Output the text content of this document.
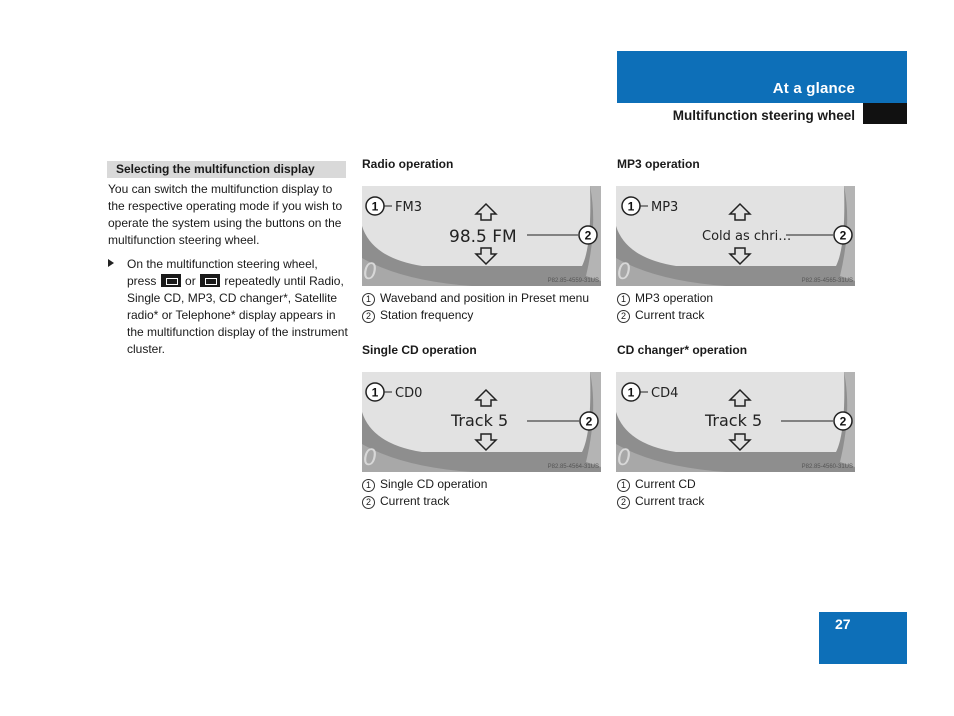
At a glance
Multifunction steering wheel
Selecting the multifunction display
You can switch the multifunction display to the respective operating mode if you wish to operate the system using the buttons on the multifunction steering wheel.
On the multifunction steering wheel, press or repeatedly until Radio, Single CD, MP3, CD changer*, Satellite radio* or Telephone* display appears in the multifunction display of the instrument cluster.
Radio operation
0
1 FM3
98.5 FM	2
P82.85-4559-31US
1 Waveband and position in Preset menu
2 Station frequency
MP3 operation
0
1 MP3
Cold as chri…	2
P82.85-4565-31US
1 MP3 operation
2 Current track
Single CD operation
0
1 CD0
Track 5	2
P82.85-4564-31US
1 Single CD operation
2 Current track
CD changer* operation
0
1 CD4
Track 5	2
P82.85-4560-31US
1 Current CD
2 Current track
27
